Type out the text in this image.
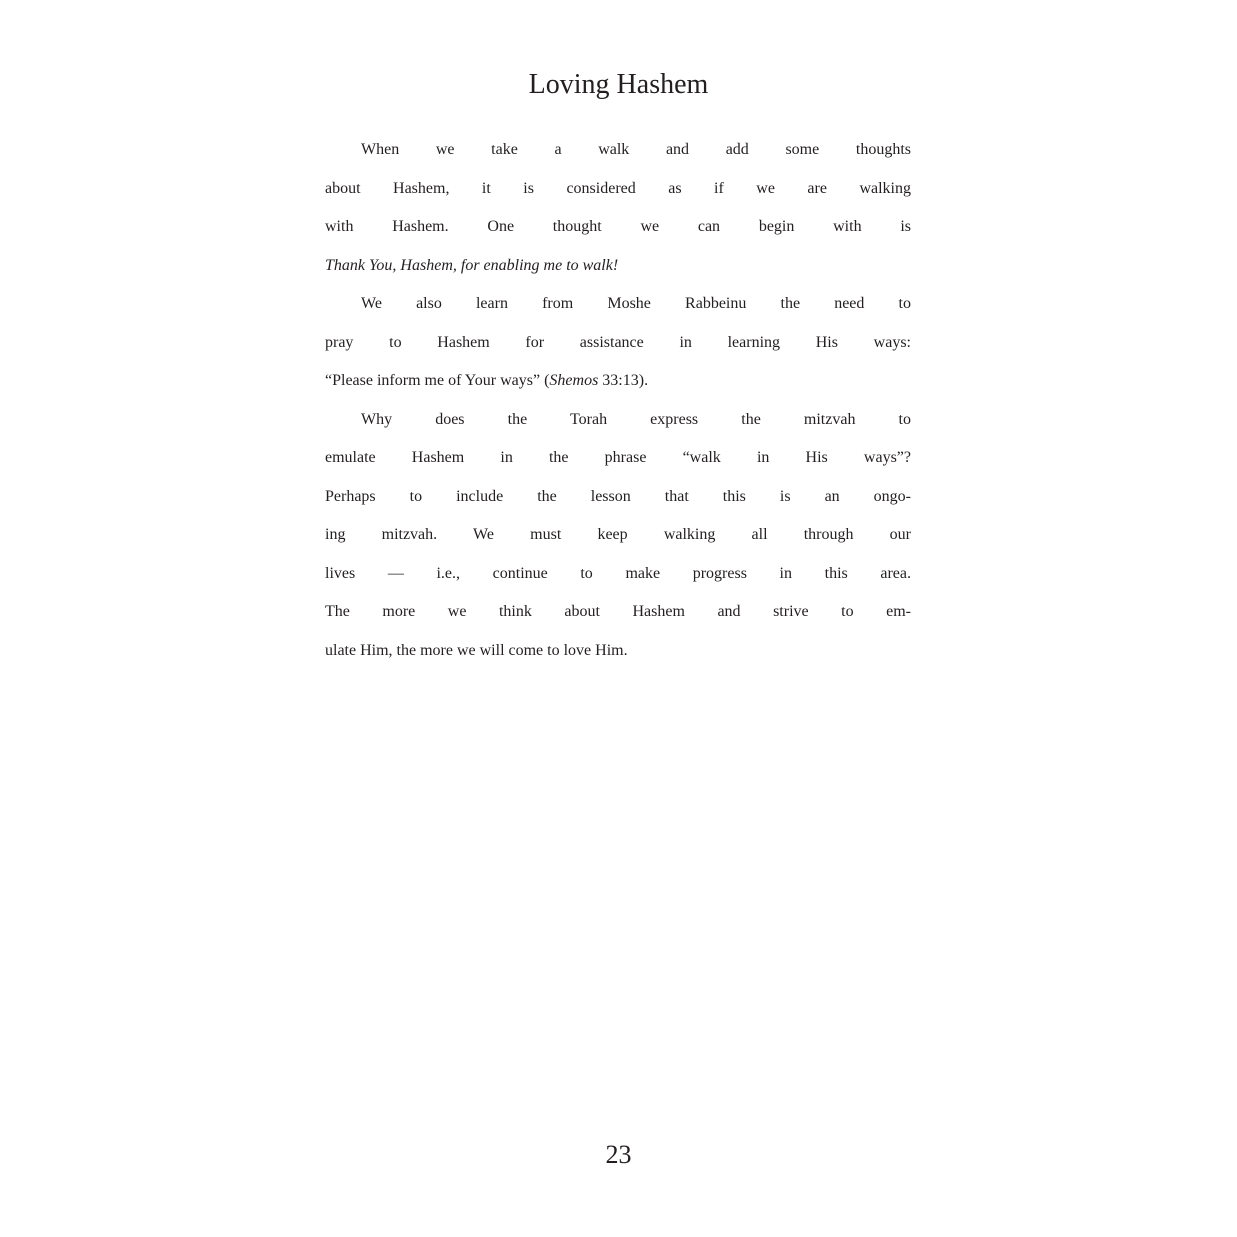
Loving Hashem
When we take a walk and add some thoughts
about Hashem, it is considered as if we are walking
with Hashem. One thought we can begin with is
Thank You, Hashem, for enabling me to walk!
We also learn from Moshe Rabbeinu the need to
pray to Hashem for assistance in learning His ways:
“Please inform me of Your ways” (Shemos 33:13).
Why does the Torah express the mitzvah to
emulate Hashem in the phrase “walk in His ways”?
Perhaps to include the lesson that this is an ongo-
ing mitzvah. We must keep walking all through our
lives — i.e., continue to make progress in this area.
The more we think about Hashem and strive to em-
ulate Him, the more we will come to love Him.
23
